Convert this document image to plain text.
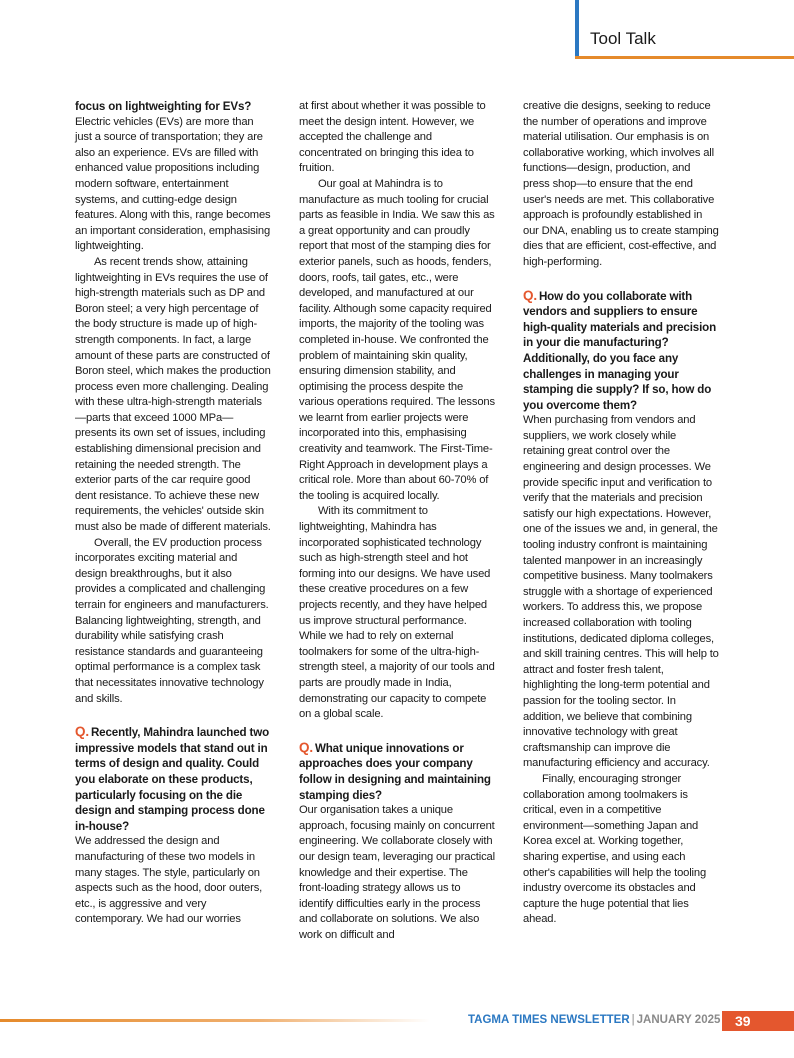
Tool Talk

focus on lightweighting for EVs?

Electric vehicles (EVs) are more than just a source of transportation; they are also an experience. EVs are filled with enhanced value propositions including modern software, entertainment systems, and cutting-edge design features. Along with this, range becomes an important consideration, emphasising lightweighting.

As recent trends show, attaining lightweighting in EVs requires the use of high-strength materials such as DP and Boron steel; a very high percentage of the body structure is made up of high-strength components. In fact, a large amount of these parts are constructed of Boron steel, which makes the production process even more challenging. Dealing with these ultra-high-strength materials—parts that exceed 1000 MPa—presents its own set of issues, including establishing dimensional precision and retaining the needed strength. The exterior parts of the car require good dent resistance. To achieve these new requirements, the vehicles' outside skin must also be made of different materials.

Overall, the EV production process incorporates exciting material and design breakthroughs, but it also provides a complicated and challenging terrain for engineers and manufacturers. Balancing lightweighting, strength, and durability while satisfying crash resistance standards and guaranteeing optimal performance is a complex task that necessitates innovative technology and skills.

Q. Recently, Mahindra launched two impressive models that stand out in terms of design and quality. Could you elaborate on these products, particularly focusing on the die design and stamping process done in-house?

We addressed the design and manufacturing of these two models in many stages. The style, particularly on aspects such as the hood, door outers, etc., is aggressive and very contemporary. We had our worries

at first about whether it was possible to meet the design intent. However, we accepted the challenge and concentrated on bringing this idea to fruition.

Our goal at Mahindra is to manufacture as much tooling for crucial parts as feasible in India. We saw this as a great opportunity and can proudly report that most of the stamping dies for exterior panels, such as hoods, fenders, doors, roofs, tail gates, etc., were developed, and manufactured at our facility. Although some capacity required imports, the majority of the tooling was completed in-house. We confronted the problem of maintaining skin quality, ensuring dimension stability, and optimising the process despite the various operations required. The lessons we learnt from earlier projects were incorporated into this, emphasising creativity and teamwork. The First-Time-Right Approach in development plays a critical role. More than about 60-70% of the tooling is acquired locally.

With its commitment to lightweighting, Mahindra has incorporated sophisticated technology such as high-strength steel and hot forming into our designs. We have used these creative procedures on a few projects recently, and they have helped us improve structural performance. While we had to rely on external toolmakers for some of the ultra-high-strength steel, a majority of our tools and parts are proudly made in India, demonstrating our capacity to compete on a global scale.

Q. What unique innovations or approaches does your company follow in designing and maintaining stamping dies?

Our organisation takes a unique approach, focusing mainly on concurrent engineering. We collaborate closely with our design team, leveraging our practical knowledge and their expertise. The front-loading strategy allows us to identify difficulties early in the process and collaborate on solutions. We also work on difficult and

creative die designs, seeking to reduce the number of operations and improve material utilisation. Our emphasis is on collaborative working, which involves all functions—design, production, and press shop—to ensure that the end user's needs are met. This collaborative approach is profoundly established in our DNA, enabling us to create stamping dies that are efficient, cost-effective, and high-performing.

Q. How do you collaborate with vendors and suppliers to ensure high-quality materials and precision in your die manufacturing? Additionally, do you face any challenges in managing your stamping die supply? If so, how do you overcome them?

When purchasing from vendors and suppliers, we work closely while retaining great control over the engineering and design processes. We provide specific input and verification to verify that the materials and precision satisfy our high expectations. However, one of the issues we and, in general, the tooling industry confront is maintaining talented manpower in an increasingly competitive business. Many toolmakers struggle with a shortage of experienced workers. To address this, we propose increased collaboration with tooling institutions, dedicated diploma colleges, and skill training centres. This will help to attract and foster fresh talent, highlighting the long-term potential and passion for the tooling sector. In addition, we believe that combining innovative technology with great craftsmanship can improve die manufacturing efficiency and accuracy.

Finally, encouraging stronger collaboration among toolmakers is critical, even in a competitive environment—something Japan and Korea excel at. Working together, sharing expertise, and using each other's capabilities will help the tooling industry overcome its obstacles and capture the huge potential that lies ahead.

TAGMA TIMES NEWSLETTER | JANUARY 2025	39
